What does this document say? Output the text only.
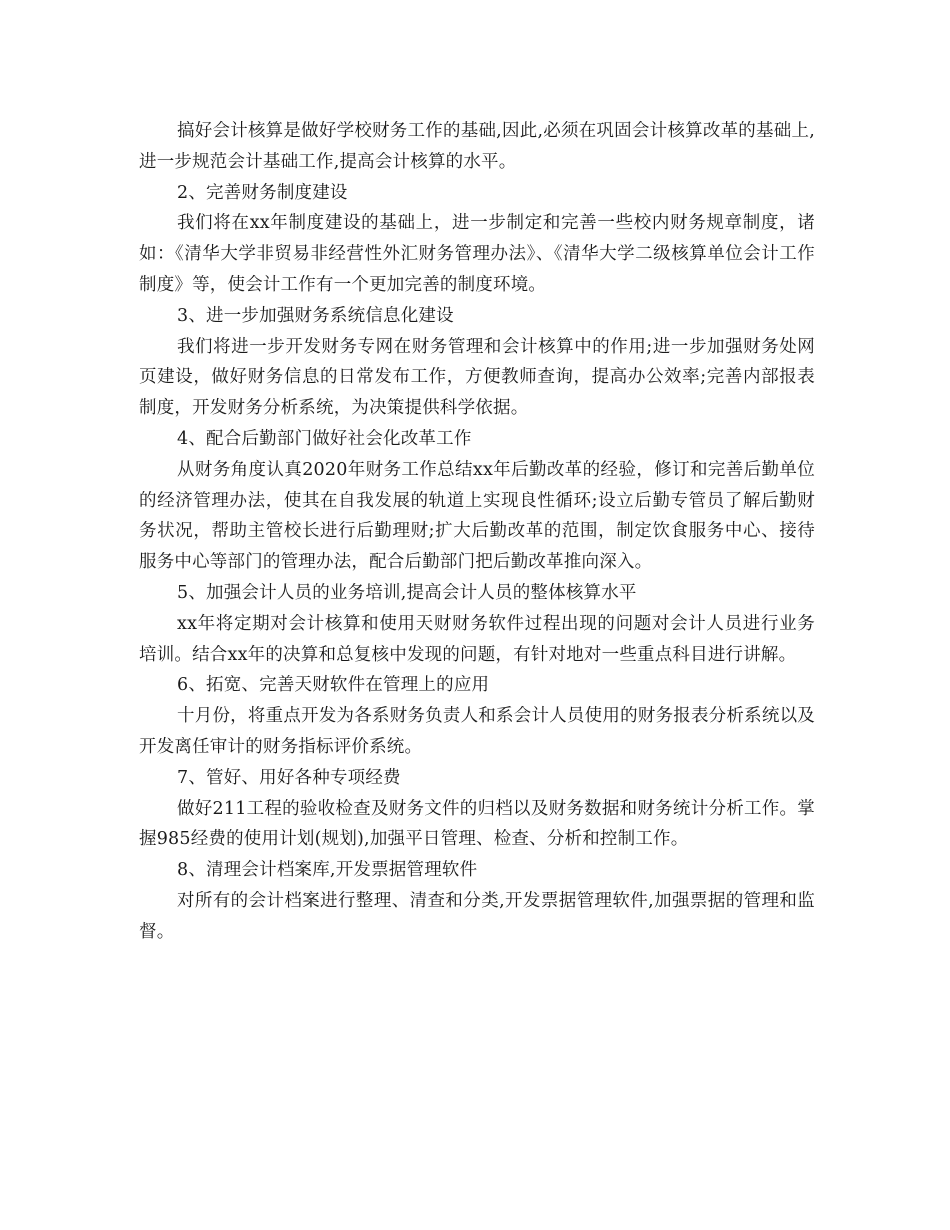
搞好会计核算是做好学校财务工作的基础,因此,必须在巩固会计核算改革的基础上,进一步规范会计基础工作,提高会计核算的水平。

2、完善财务制度建设

我们将在xx年制度建设的基础上，进一步制定和完善一些校内财务规章制度，诸如：《清华大学非贸易非经营性外汇财务管理办法》、《清华大学二级核算单位会计工作制度》等，使会计工作有一个更加完善的制度环境。

3、进一步加强财务系统信息化建设

我们将进一步开发财务专网在财务管理和会计核算中的作用;进一步加强财务处网页建设，做好财务信息的日常发布工作，方便教师查询，提高办公效率;完善内部报表制度，开发财务分析系统，为决策提供科学依据。

4、配合后勤部门做好社会化改革工作

从财务角度认真2020年财务工作总结xx年后勤改革的经验，修订和完善后勤单位的经济管理办法，使其在自我发展的轨道上实现良性循环;设立后勤专管员了解后勤财务状况，帮助主管校长进行后勤理财;扩大后勤改革的范围，制定饮食服务中心、接待服务中心等部门的管理办法，配合后勤部门把后勤改革推向深入。

5、加强会计人员的业务培训,提高会计人员的整体核算水平

xx年将定期对会计核算和使用天财财务软件过程出现的问题对会计人员进行业务培训。结合xx年的决算和总复核中发现的问题，有针对地对一些重点科目进行讲解。

6、拓宽、完善天财软件在管理上的应用

十月份，将重点开发为各系财务负责人和系会计人员使用的财务报表分析系统以及开发离任审计的财务指标评价系统。

7、管好、用好各种专项经费

做好211工程的验收检查及财务文件的归档以及财务数据和财务统计分析工作。掌握985经费的使用计划(规划),加强平日管理、检查、分析和控制工作。

8、清理会计档案库,开发票据管理软件

对所有的会计档案进行整理、清查和分类,开发票据管理软件,加强票据的管理和监督。
